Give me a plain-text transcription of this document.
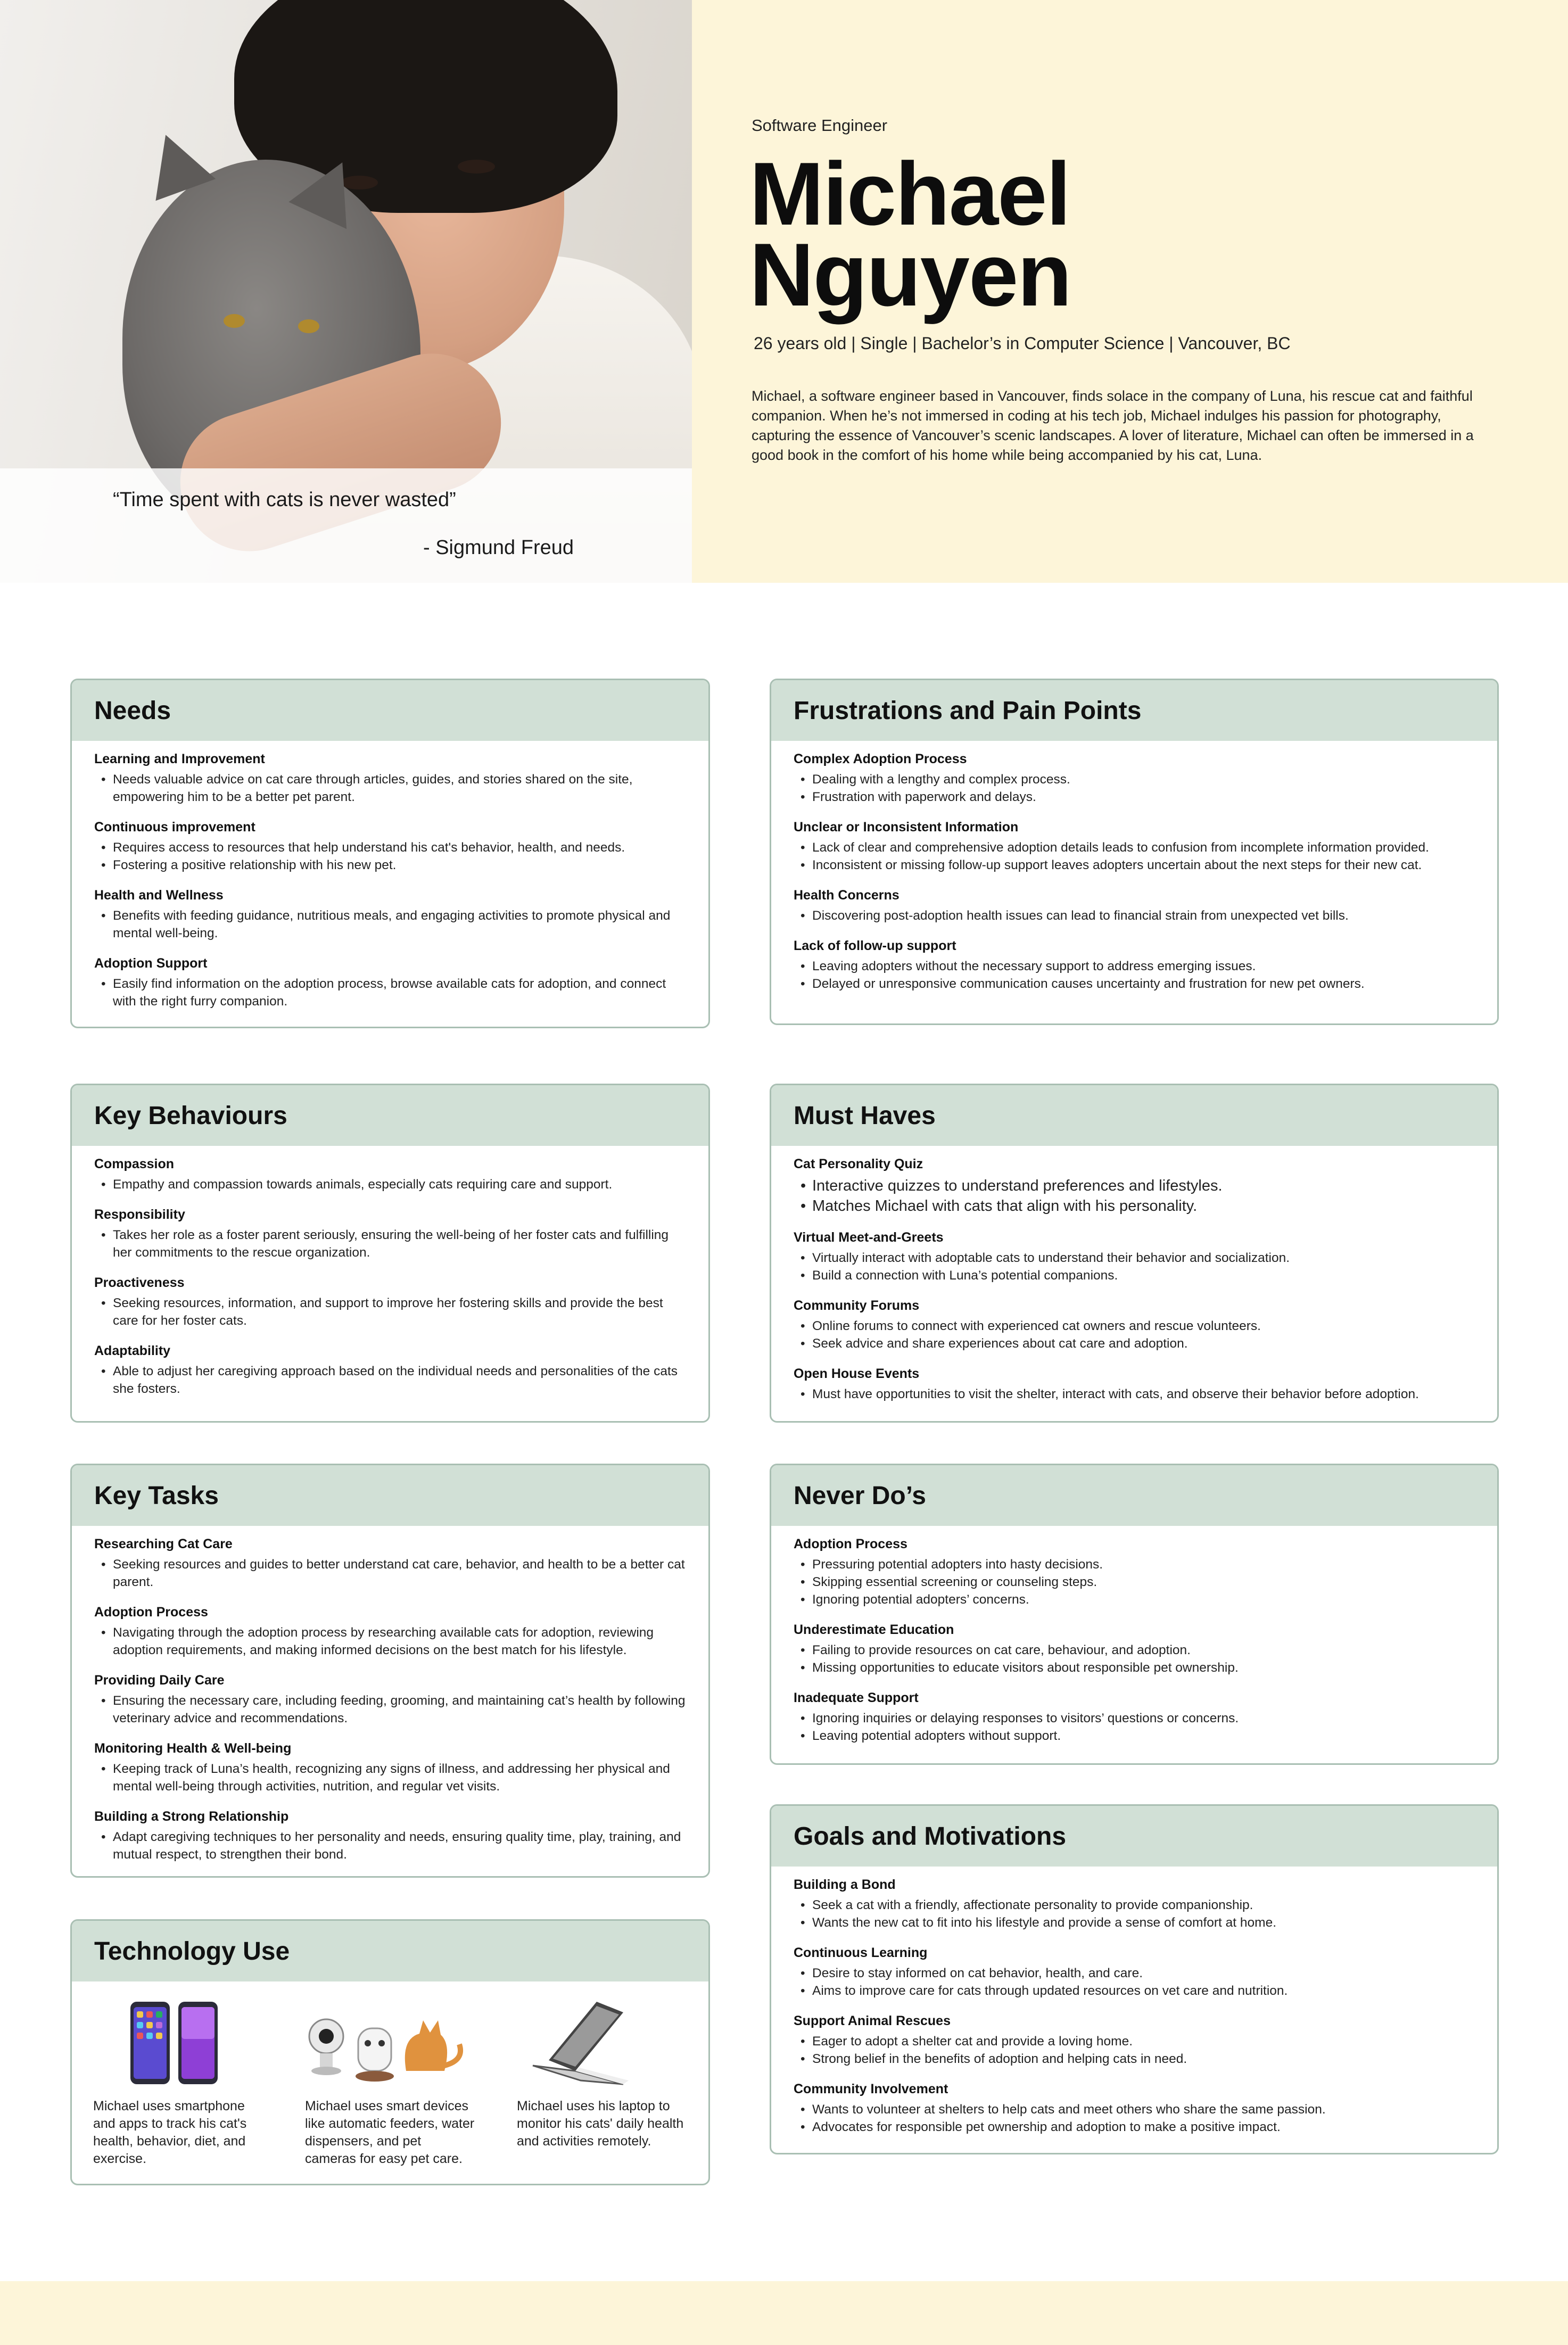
“Time spent with cats is never wasted”
- Sigmund Freud
Software Engineer
Michael
Nguyen
26 years old | Single | Bachelor’s in Computer Science | Vancouver, BC
Michael, a software engineer based in Vancouver, finds solace in the company of Luna, his rescue cat and faithful companion. When he’s not immersed in coding at his tech job, Michael indulges his passion for photography, capturing the essence of Vancouver’s scenic landscapes. A lover of literature, Michael can often be immersed in a good book in the comfort of his home while being accompanied by his cat, Luna.
Needs
Learning and Improvement
• Needs valuable advice on cat care through articles, guides, and stories shared on the site, empowering him to be a better pet parent.
Continuous improvement
• Requires access to resources that help understand his cat's behavior, health, and needs.
• Fostering a positive relationship with his new pet.
Health and Wellness
• Benefits with feeding guidance, nutritious meals, and engaging activities to promote physical and mental well-being.
Adoption Support
• Easily find information on the adoption process, browse available cats for adoption, and connect with the right furry companion.
Frustrations and Pain Points
Complex Adoption Process
• Dealing with a lengthy and complex process.
• Frustration with paperwork and delays.
Unclear or Inconsistent Information
• Lack of clear and comprehensive adoption details leads to confusion from incomplete information provided.
• Inconsistent or missing follow-up support leaves adopters uncertain about the next steps for their new cat.
Health Concerns
• Discovering post-adoption health issues can lead to financial strain from unexpected vet bills.
Lack of follow-up support
• Leaving adopters without the necessary support to address emerging issues.
• Delayed or unresponsive communication causes uncertainty and frustration for new pet owners.
Key Behaviours
Compassion
• Empathy and compassion towards animals, especially cats requiring care and support.
Responsibility
• Takes her role as a foster parent seriously, ensuring the well-being of her foster cats and fulfilling her commitments to the rescue organization.
Proactiveness
• Seeking resources, information, and support to improve her fostering skills and provide the best care for her foster cats.
Adaptability
• Able to adjust her caregiving approach based on the individual needs and personalities of the cats she fosters.
Must Haves
Cat Personality Quiz
• Interactive quizzes to understand preferences and lifestyles.
• Matches Michael with cats that align with his personality.
Virtual Meet-and-Greets
• Virtually interact with adoptable cats to understand their behavior and socialization.
• Build a connection with Luna’s potential companions.
Community Forums
• Online forums to connect with experienced cat owners and rescue volunteers.
• Seek advice and share experiences about cat care and adoption.
Open House Events
• Must have opportunities to visit the shelter, interact with cats, and observe their behavior before adoption.
Key Tasks
Researching Cat Care
• Seeking resources and guides to better understand cat care, behavior, and health to be a better cat parent.
Adoption Process
• Navigating through the adoption process by researching available cats for adoption, reviewing adoption requirements, and making informed decisions on the best match for his lifestyle.
Providing Daily Care
• Ensuring the necessary care, including feeding, grooming, and maintaining cat’s health by following veterinary advice and recommendations.
Monitoring Health & Well-being
• Keeping track of Luna’s health, recognizing any signs of illness, and addressing her physical and mental well-being through activities, nutrition, and regular vet visits.
Building a Strong Relationship
• Adapt caregiving techniques to her personality and needs, ensuring quality time, play, training, and mutual respect, to strengthen their bond.
Never Do’s
Adoption Process
• Pressuring potential adopters into hasty decisions.
• Skipping essential screening or counseling steps.
• Ignoring potential adopters’ concerns.
Underestimate Education
• Failing to provide resources on cat care, behaviour, and adoption.
• Missing opportunities to educate visitors about responsible pet ownership.
Inadequate Support
• Ignoring inquiries or delaying responses to visitors’ questions or concerns.
• Leaving potential adopters without support.
Goals and Motivations
Building a Bond
• Seek a cat with a friendly, affectionate personality to provide companionship.
• Wants the new cat to fit into his lifestyle and provide a sense of comfort at home.
Continuous Learning
• Desire to stay informed on cat behavior, health, and care.
• Aims to improve care for cats through updated resources on vet care and nutrition.
Support Animal Rescues
• Eager to adopt a shelter cat and provide a loving home.
• Strong belief in the benefits of adoption and helping cats in need.
Community Involvement
• Wants to volunteer at shelters to help cats and meet others who share the same passion.
• Advocates for responsible pet ownership and adoption to make a positive impact.
Technology Use
Michael uses smartphone and apps to track his cat's health, behavior, diet, and exercise.
Michael uses smart devices like automatic feeders, water dispensers, and pet cameras for easy pet care.
Michael uses his laptop to monitor his cats' daily health and activities remotely.
